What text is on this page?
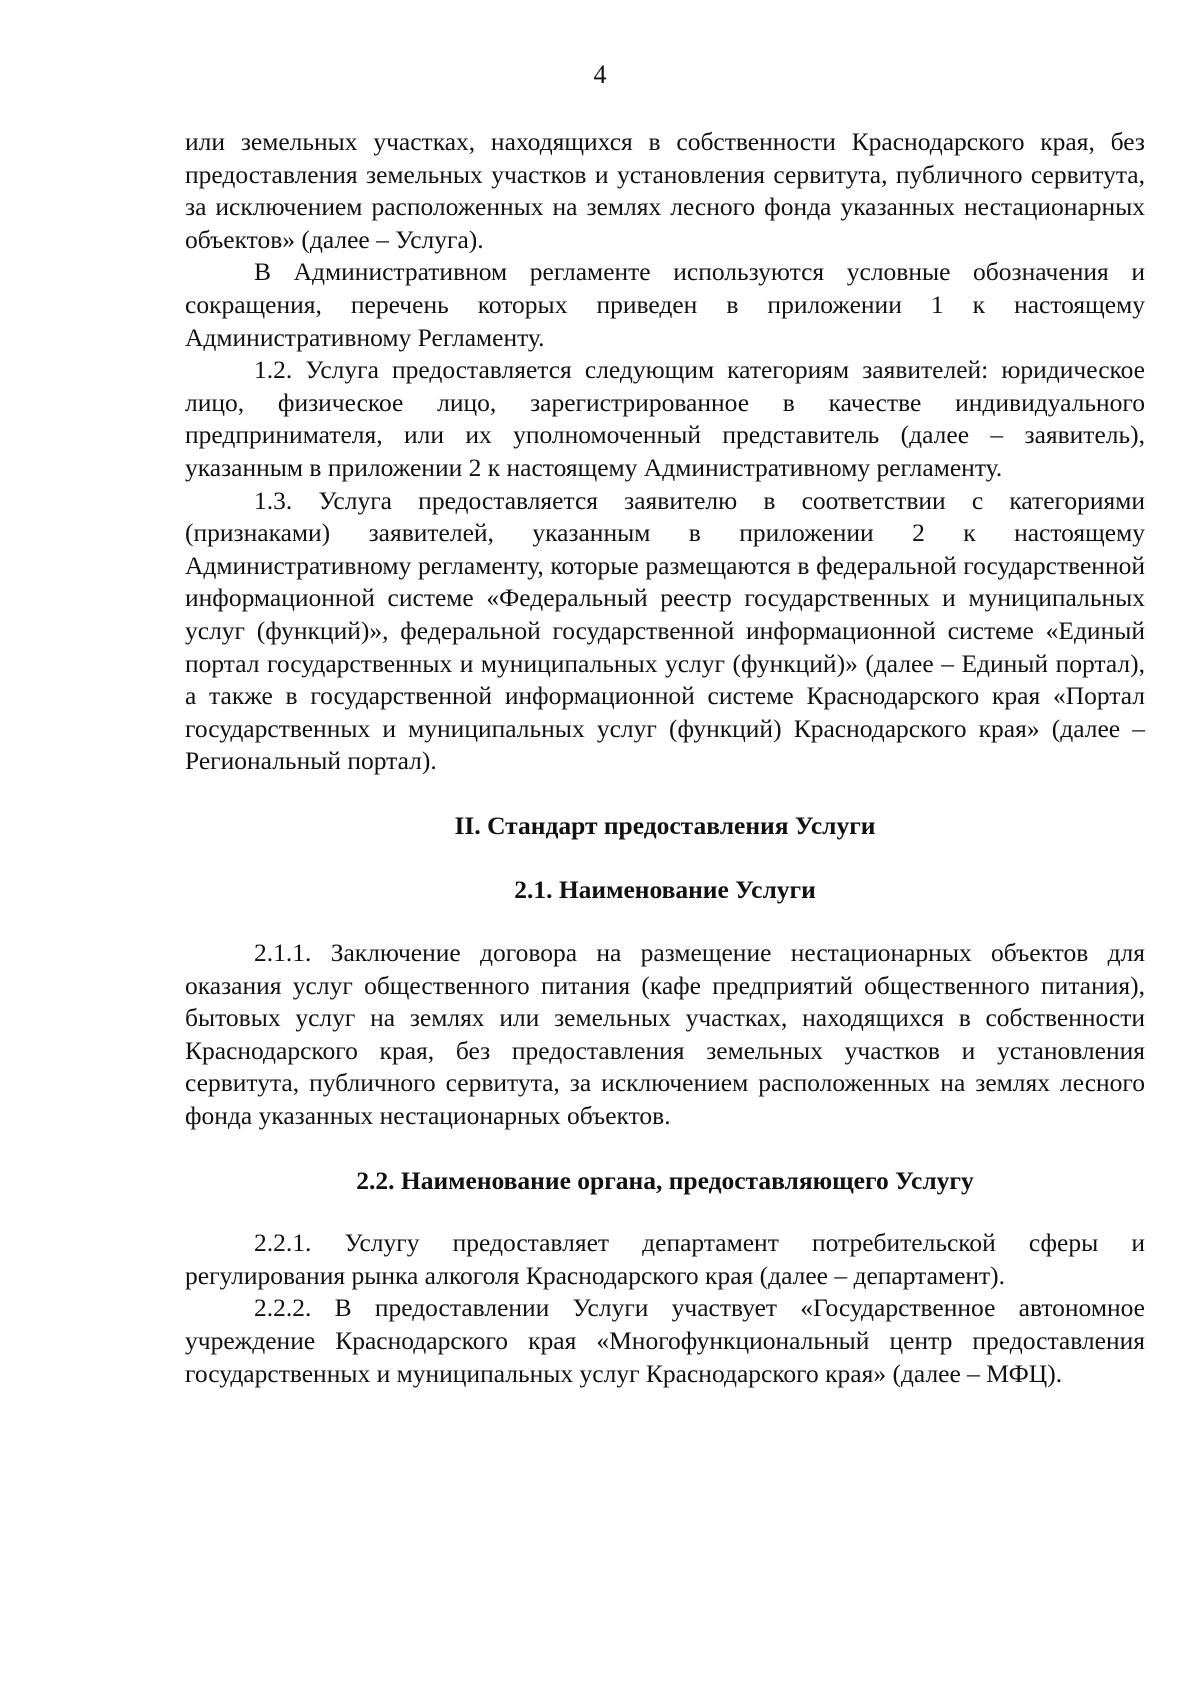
4

или земельных участках, находящихся в собственности Краснодарского края, без предоставления земельных участков и установления сервитута, публичного сервитута, за исключением расположенных на землях лесного фонда указанных нестационарных объектов» (далее – Услуга).

В Административном регламенте используются условные обозначения и сокращения, перечень которых приведен в приложении 1 к настоящему Административному Регламенту.

1.2. Услуга предоставляется следующим категориям заявителей: юридическое лицо, физическое лицо, зарегистрированное в качестве индивидуального предпринимателя, или их уполномоченный представитель (далее – заявитель), указанным в приложении 2 к настоящему Административному регламенту.

1.3. Услуга предоставляется заявителю в соответствии с категориями (признаками) заявителей, указанным в приложении 2 к настоящему Административному регламенту, которые размещаются в федеральной государственной информационной системе «Федеральный реестр государственных и муниципальных услуг (функций)», федеральной государственной информационной системе «Единый портал государственных и муниципальных услуг (функций)» (далее – Единый портал), а также в государственной информационной системе Краснодарского края «Портал государственных и муниципальных услуг (функций) Краснодарского края» (далее – Региональный портал).

II. Стандарт предоставления Услуги
2.1. Наименование Услуги

2.1.1. Заключение договора на размещение нестационарных объектов для оказания услуг общественного питания (кафе предприятий общественного питания), бытовых услуг на землях или земельных участках, находящихся в собственности Краснодарского края, без предоставления земельных участков и установления сервитута, публичного сервитута, за исключением расположенных на землях лесного фонда указанных нестационарных объектов.

2.2. Наименование органа, предоставляющего Услугу

2.2.1. Услугу предоставляет департамент потребительской сферы и регулирования рынка алкоголя Краснодарского края (далее – департамент).

2.2.2. В предоставлении Услуги участвует «Государственное автономное учреждение Краснодарского края «Многофункциональный центр предоставления государственных и муниципальных услуг Краснодарского края» (далее – МФЦ).
